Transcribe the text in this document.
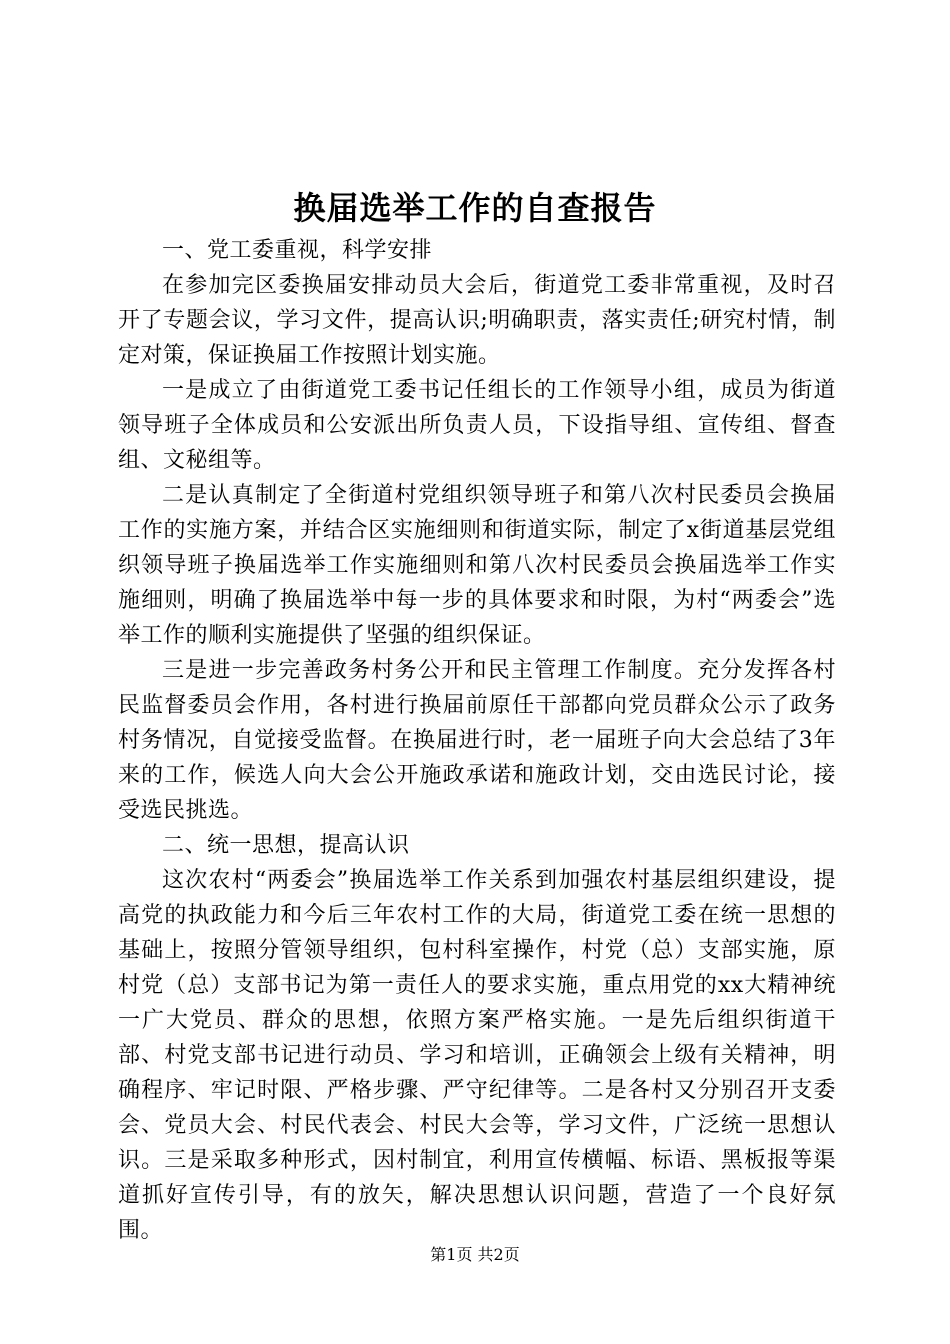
换届选举工作的自查报告

一、党工委重视，科学安排

在参加完区委换届安排动员大会后，街道党工委非常重视，及时召开了专题会议，学习文件，提高认识;明确职责，落实责任;研究村情，制定对策，保证换届工作按照计划实施。

一是成立了由街道党工委书记任组长的工作领导小组，成员为街道领导班子全体成员和公安派出所负责人员，下设指导组、宣传组、督查组、文秘组等。

二是认真制定了全街道村党组织领导班子和第八次村民委员会换届工作的实施方案，并结合区实施细则和街道实际，制定了x街道基层党组织领导班子换届选举工作实施细则和第八次村民委员会换届选举工作实施细则，明确了换届选举中每一步的具体要求和时限，为村“两委会”选举工作的顺利实施提供了坚强的组织保证。

三是进一步完善政务村务公开和民主管理工作制度。充分发挥各村民监督委员会作用，各村进行换届前原任干部都向党员群众公示了政务村务情况，自觉接受监督。在换届进行时，老一届班子向大会总结了3年来的工作，候选人向大会公开施政承诺和施政计划，交由选民讨论，接受选民挑选。

二、统一思想，提高认识

这次农村“两委会”换届选举工作关系到加强农村基层组织建设，提高党的执政能力和今后三年农村工作的大局，街道党工委在统一思想的基础上，按照分管领导组织，包村科室操作，村党（总）支部实施，原村党（总）支部书记为第一责任人的要求实施，重点用党的xx大精神统一广大党员、群众的思想，依照方案严格实施。一是先后组织街道干部、村党支部书记进行动员、学习和培训，正确领会上级有关精神，明确程序、牢记时限、严格步骤、严守纪律等。二是各村又分别召开支委会、党员大会、村民代表会、村民大会等，学习文件，广泛统一思想认识。三是采取多种形式，因村制宜，利用宣传横幅、标语、黑板报等渠道抓好宣传引导，有的放矢，解决思想认识问题，营造了一个良好氛围。

第1页 共2页
